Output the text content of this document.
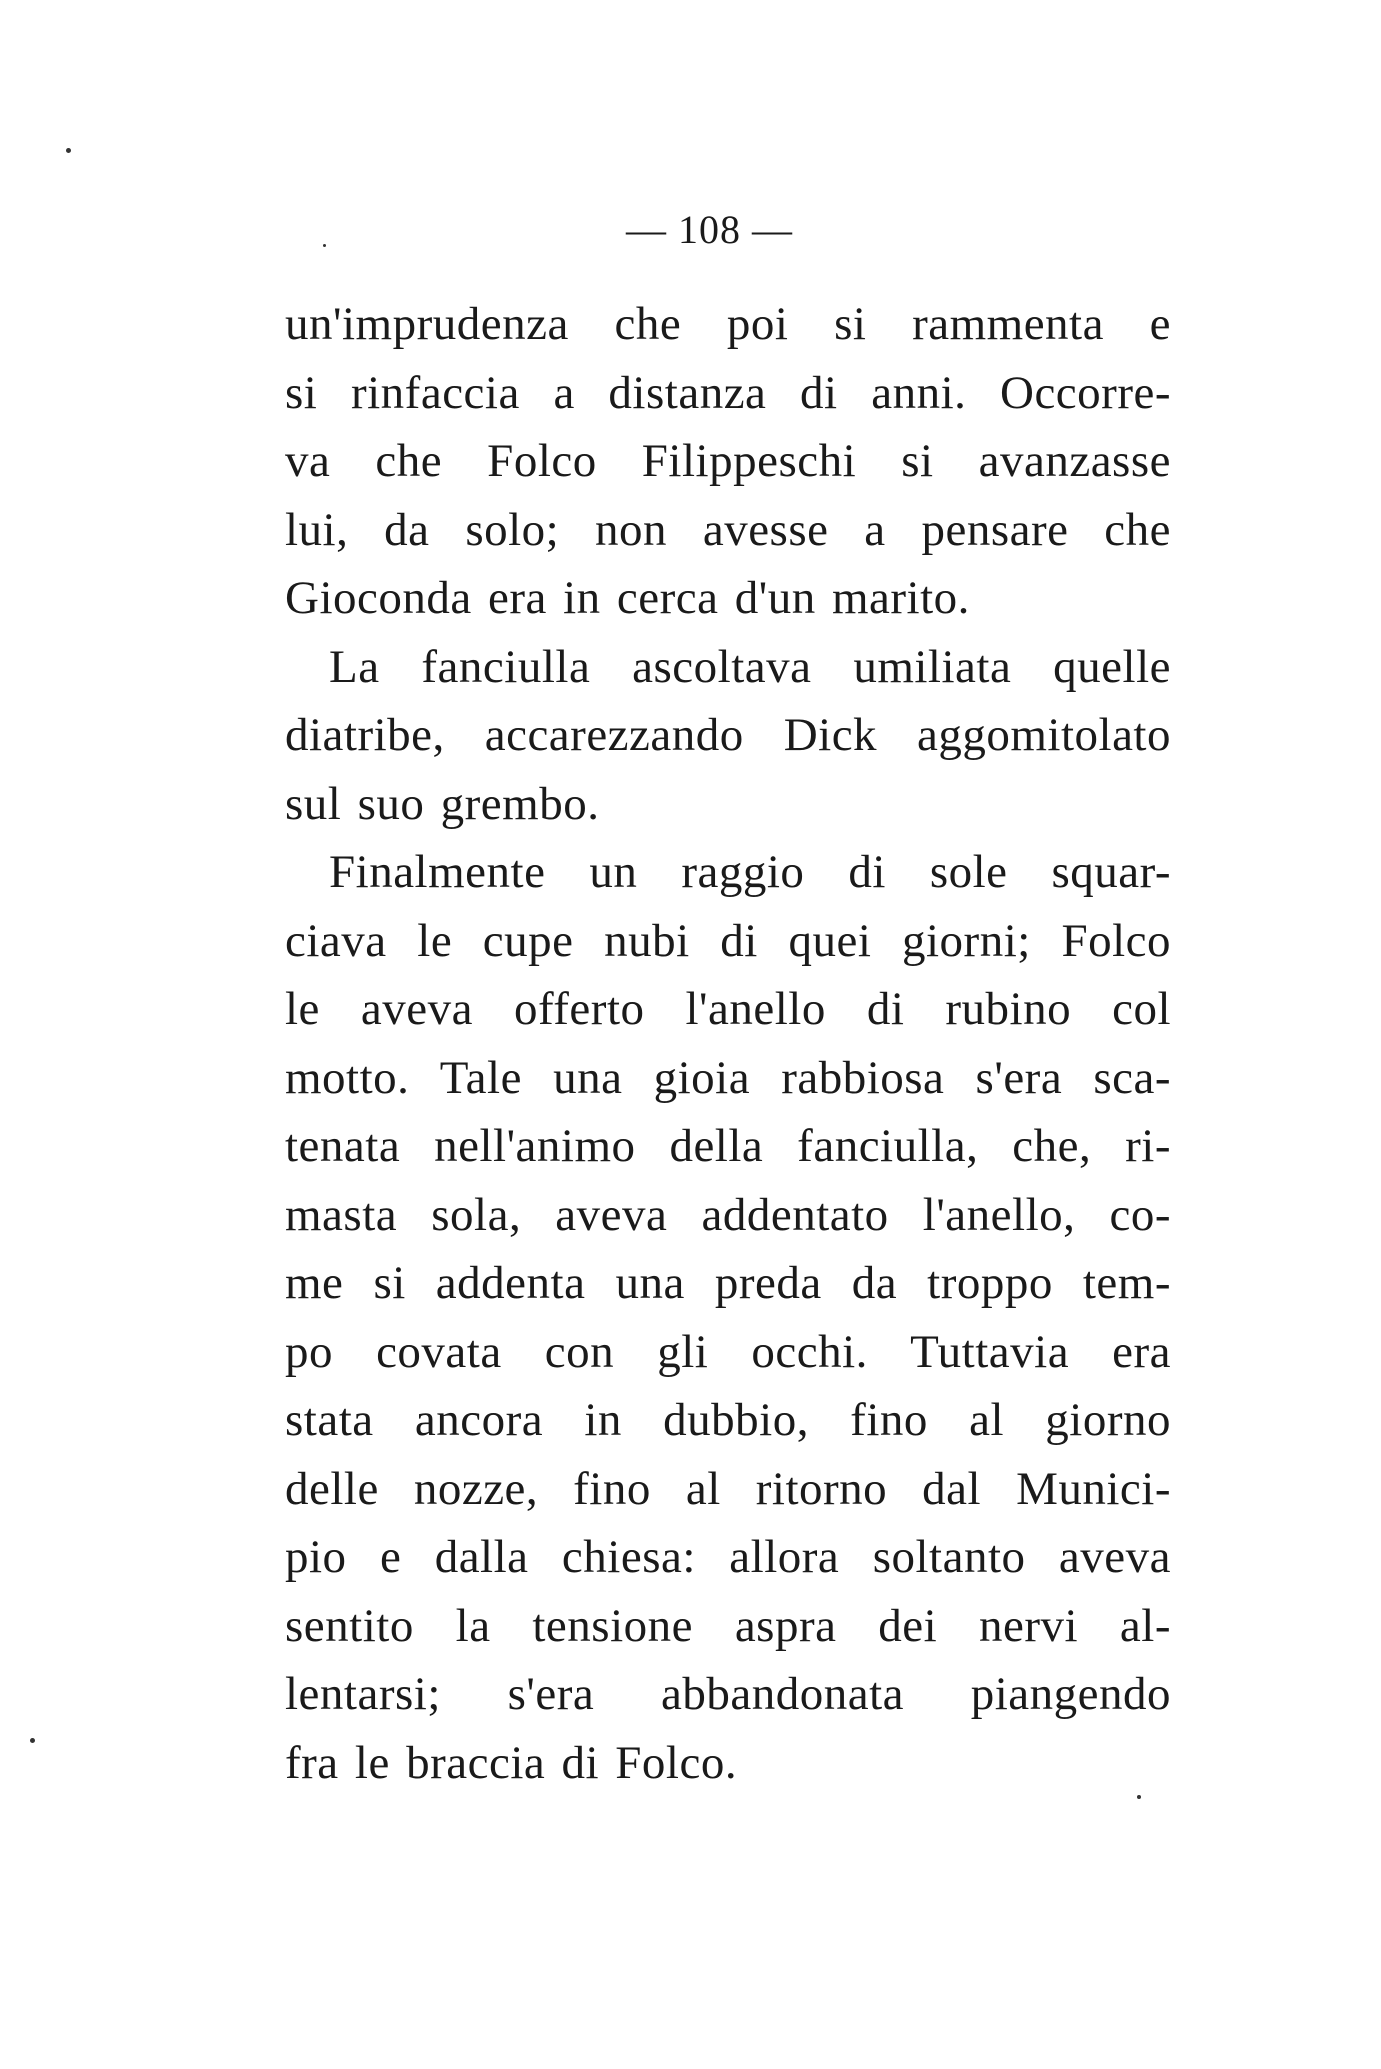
— 108 —
un'imprudenza che poi si rammenta e
si rinfaccia a distanza di anni. Occorre-
va che Folco Filippeschi si avanzasse
lui, da solo; non avesse a pensare che
Gioconda era in cerca d'un marito.
La fanciulla ascoltava umiliata quelle
diatribe, accarezzando Dick aggomitolato
sul suo grembo.
Finalmente un raggio di sole squar-
ciava le cupe nubi di quei giorni; Folco
le aveva offerto l'anello di rubino col
motto. Tale una gioia rabbiosa s'era sca-
tenata nell'animo della fanciulla, che, ri-
masta sola, aveva addentato l'anello, co-
me si addenta una preda da troppo tem-
po covata con gli occhi. Tuttavia era
stata ancora in dubbio, fino al giorno
delle nozze, fino al ritorno dal Munici-
pio e dalla chiesa: allora soltanto aveva
sentito la tensione aspra dei nervi al-
lentarsi; s'era abbandonata piangendo
fra le braccia di Folco.
